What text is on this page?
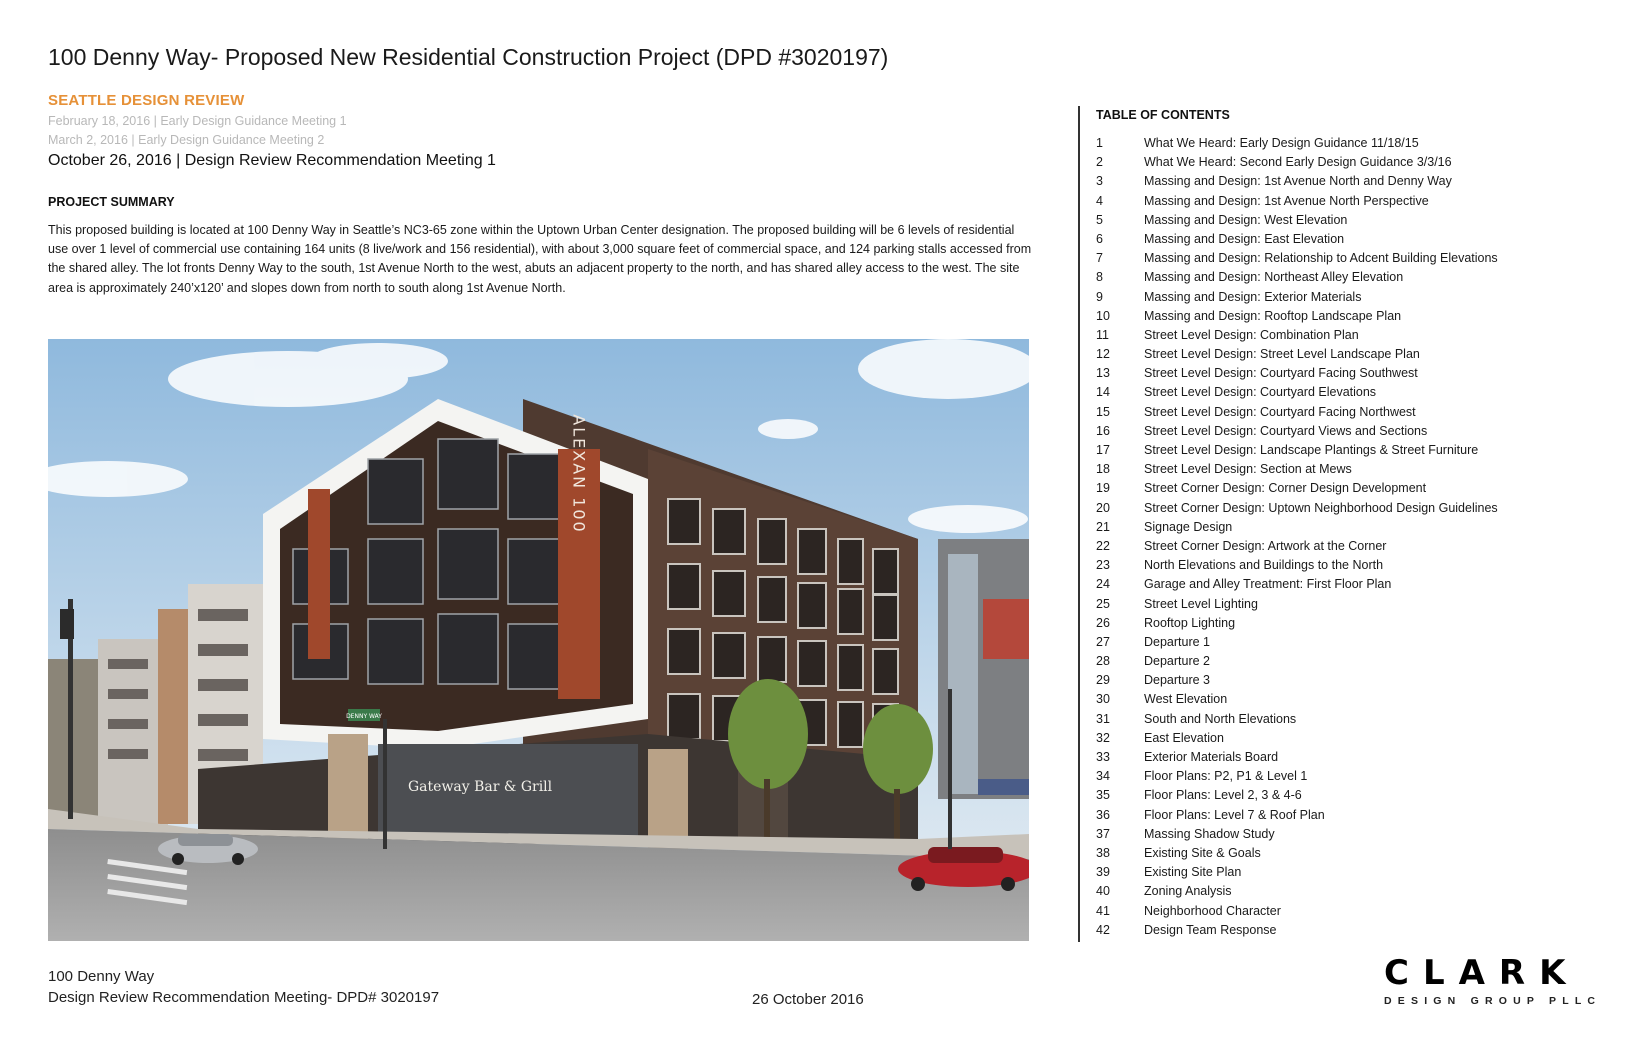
100 Denny Way- Proposed New Residential Construction Project (DPD #3020197)
SEATTLE DESIGN REVIEW
February 18, 2016 | Early Design Guidance Meeting 1
March 2, 2016 | Early Design Guidance Meeting 2
October 26, 2016 | Design Review Recommendation Meeting 1
PROJECT SUMMARY
This proposed building is located at 100 Denny Way in Seattle’s NC3-65 zone within the Uptown Urban Center designation. The proposed building will be 6 levels of residential use over 1 level of commercial use containing 164 units (8 live/work and 156 residential), with about 3,000 square feet of commercial space, and 124 parking stalls accessed from the shared alley. The lot fronts Denny Way to the south, 1st Avenue North to the west, abuts an adjacent property to the north, and has shared alley access to the west. The site area is approximately 240’x120’ and slopes down from north to south along 1st Avenue North.
ALEXAN 100
Gateway Bar & Grill
DENNY WAY
TABLE OF CONTENTS
1	What We Heard: Early Design Guidance 11/18/15
2	What We Heard: Second Early Design Guidance 3/3/16
3	Massing and Design: 1st Avenue North and Denny Way
4	Massing and Design: 1st Avenue North Perspective
5	Massing and Design: West Elevation
6	Massing and Design: East Elevation
7	Massing and Design: Relationship to Adcent Building Elevations
8	Massing and Design: Northeast Alley Elevation
9	Massing and Design: Exterior Materials
10	Massing and Design: Rooftop Landscape Plan
11	Street Level Design: Combination Plan
12	Street Level Design: Street Level Landscape Plan
13	Street Level Design: Courtyard Facing Southwest
14	Street Level Design: Courtyard Elevations
15	Street Level Design: Courtyard Facing Northwest
16	Street Level Design: Courtyard Views and Sections
17	Street Level Design: Landscape Plantings & Street Furniture
18	Street Level Design: Section at Mews
19	Street Corner Design: Corner Design Development
20	Street Corner Design: Uptown Neighborhood Design Guidelines
21	Signage Design
22	Street Corner Design: Artwork at the Corner
23	North Elevations and Buildings to the North
24	Garage and Alley Treatment: First Floor Plan
25	Street Level Lighting
26	Rooftop Lighting
27	Departure 1
28	Departure 2
29	Departure 3
30	West Elevation
31	South and North Elevations
32	East Elevation
33	Exterior Materials Board
34	Floor Plans: P2, P1 & Level 1
35	Floor Plans: Level 2, 3 & 4-6
36	Floor Plans: Level 7 & Roof Plan
37	Massing Shadow Study
38	Existing Site & Goals
39	Existing Site Plan
40	Zoning Analysis
41	Neighborhood Character
42	Design Team Response
100 Denny Way
Design Review Recommendation Meeting- DPD# 3020197	26 October 2016
CLARK
DESIGN GROUP PLLC
